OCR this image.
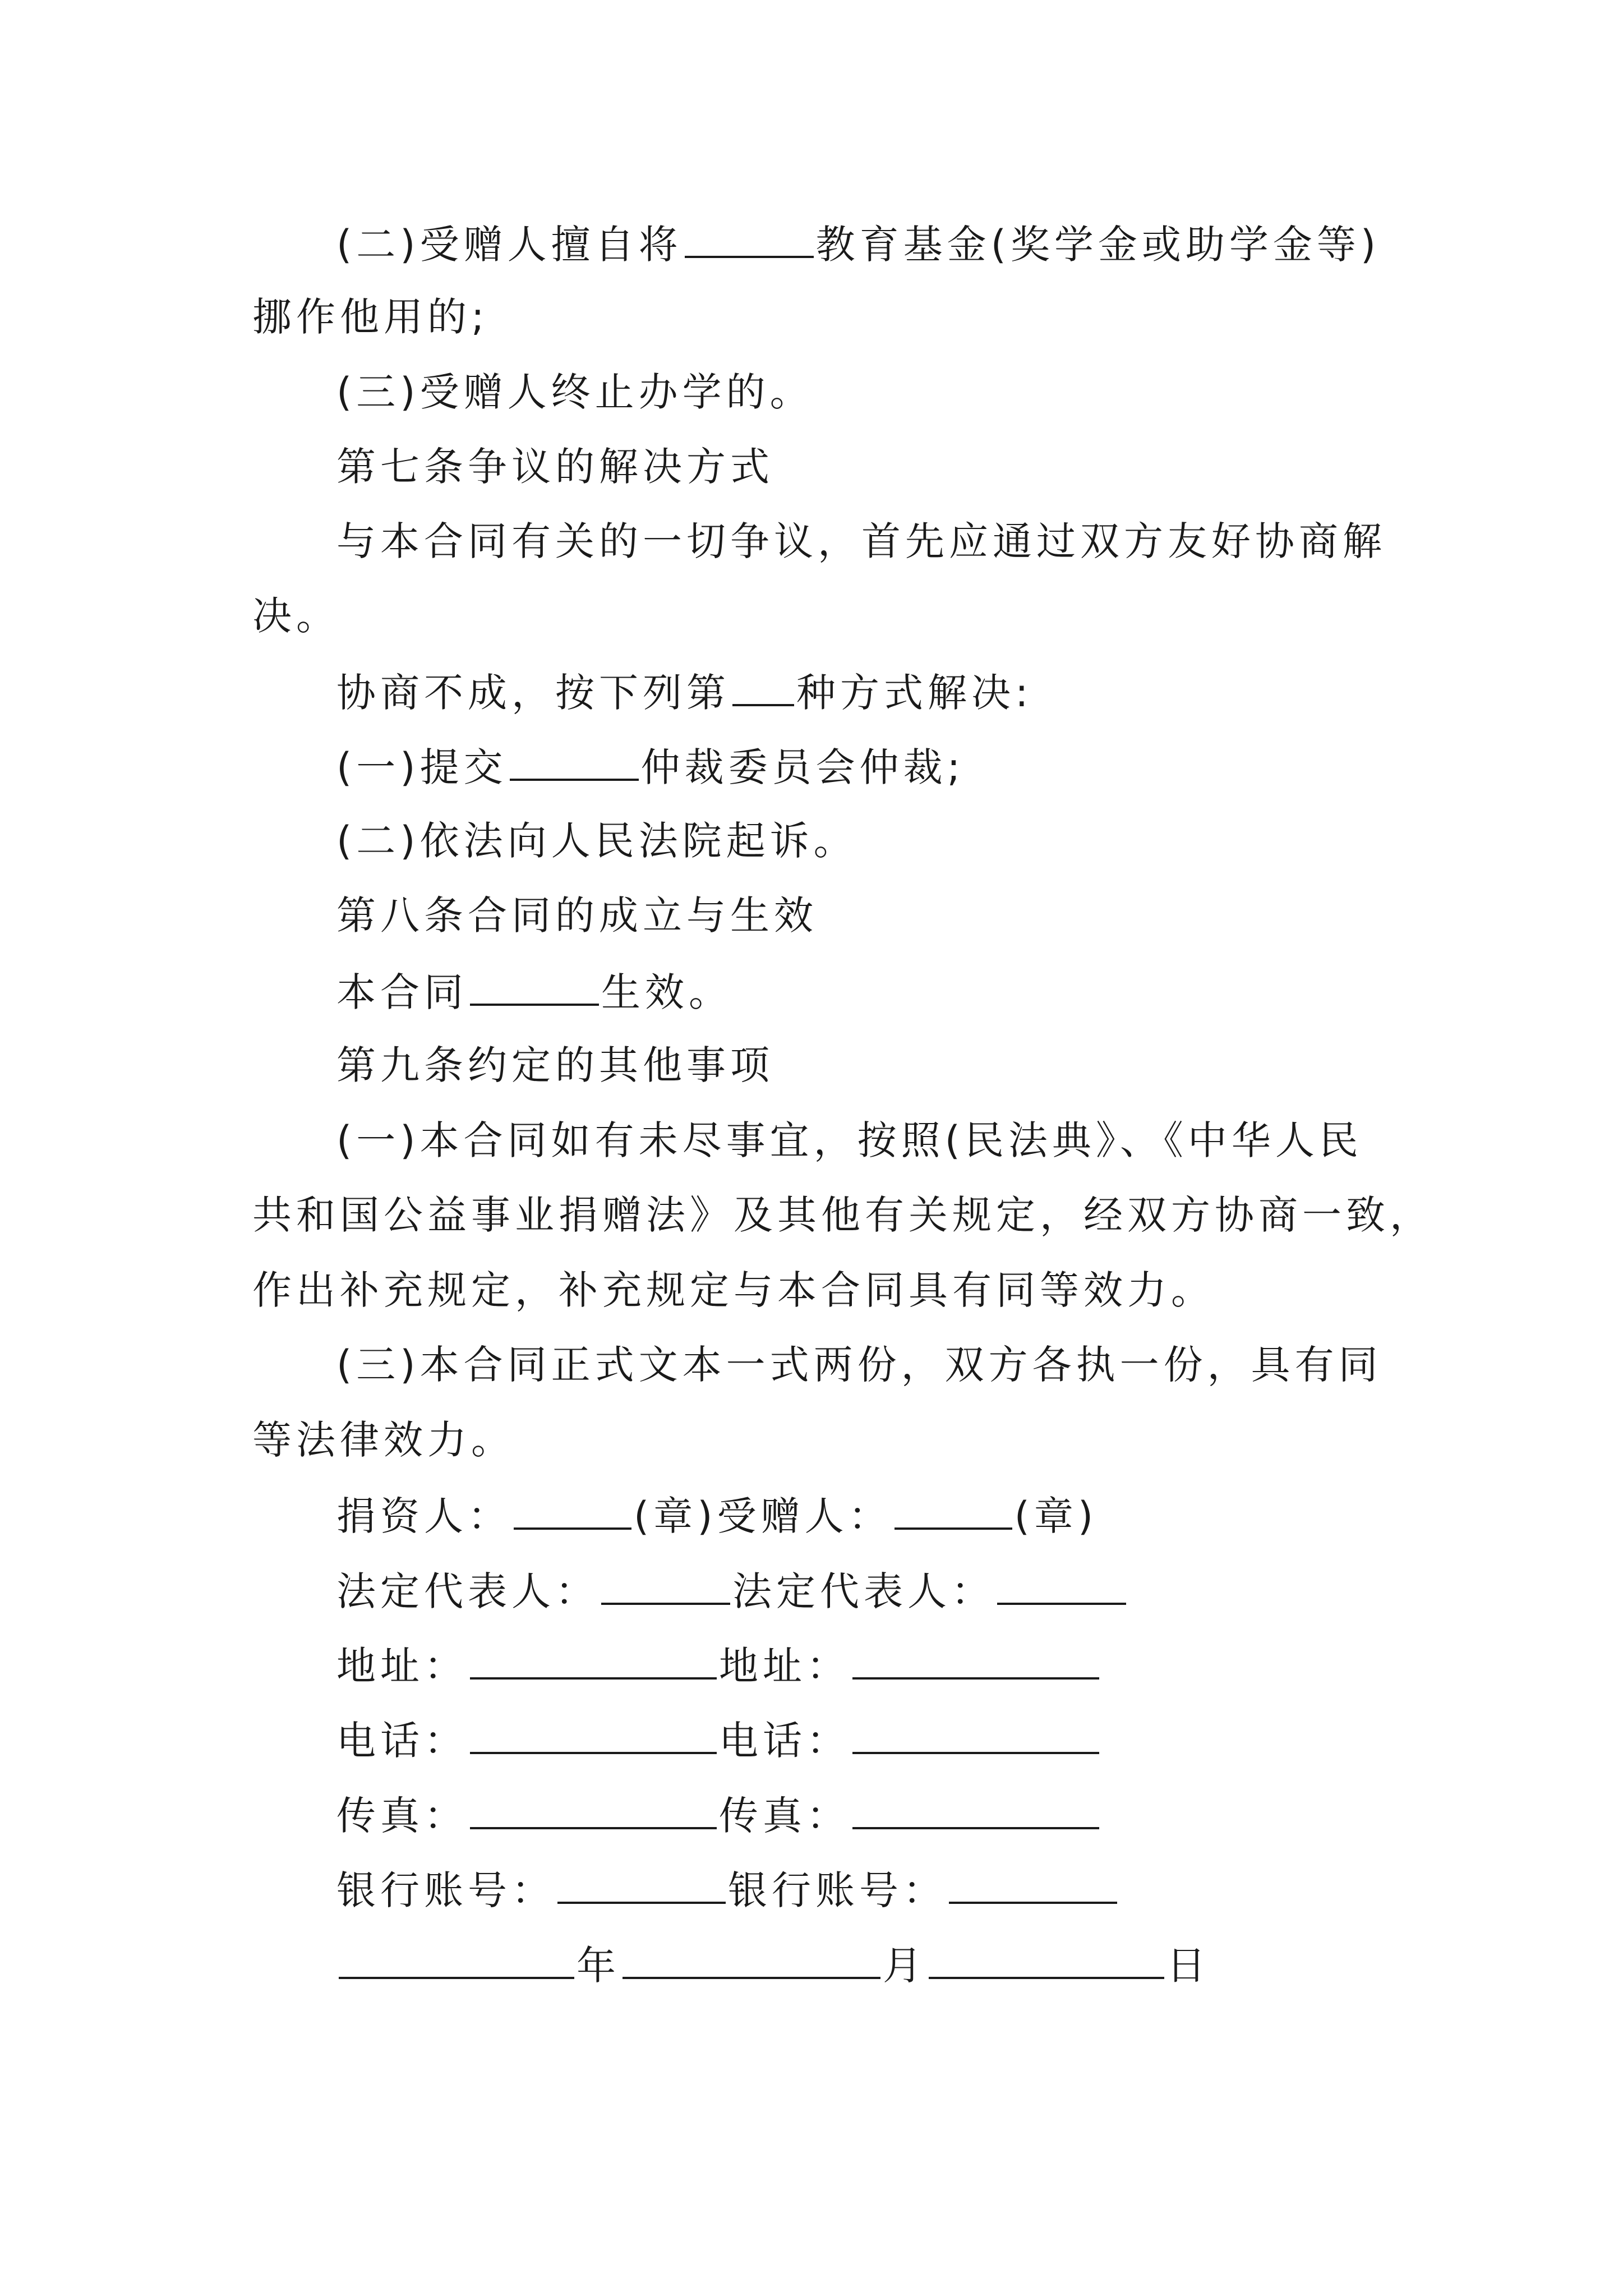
(二)受赠人擅自将	教育基金(奖学金或助学金等)
挪作他用的;
(三)受赠人终止办学的。
第七条争议的解决方式
与本合同有关的一切争议，首先应通过双方友好协商解
决。
协商不成，按下列第 种方式解决:
(一)提交	仲裁委员会仲裁;
(二)依法向人民法院起诉。
第八条合同的成立与生效
本合同	生效。
第九条约定的其他事项
(一)本合同如有未尽事宜，按照(民法典》、《中华人民
共和国公益事业捐赠法》及其他有关规定，经双方协商一致，
作出补充规定，补充规定与本合同具有同等效力。
(三)本合同正式文本一式两份，双方各执一份，具有同
等法律效力。
捐资人：	(章)受赠人：	(章)
法定代表人：	法定代表人：
地址：	地址：
电话：	电话：
传真：	传真：
银行账号：	银行账号：
年	月	日
